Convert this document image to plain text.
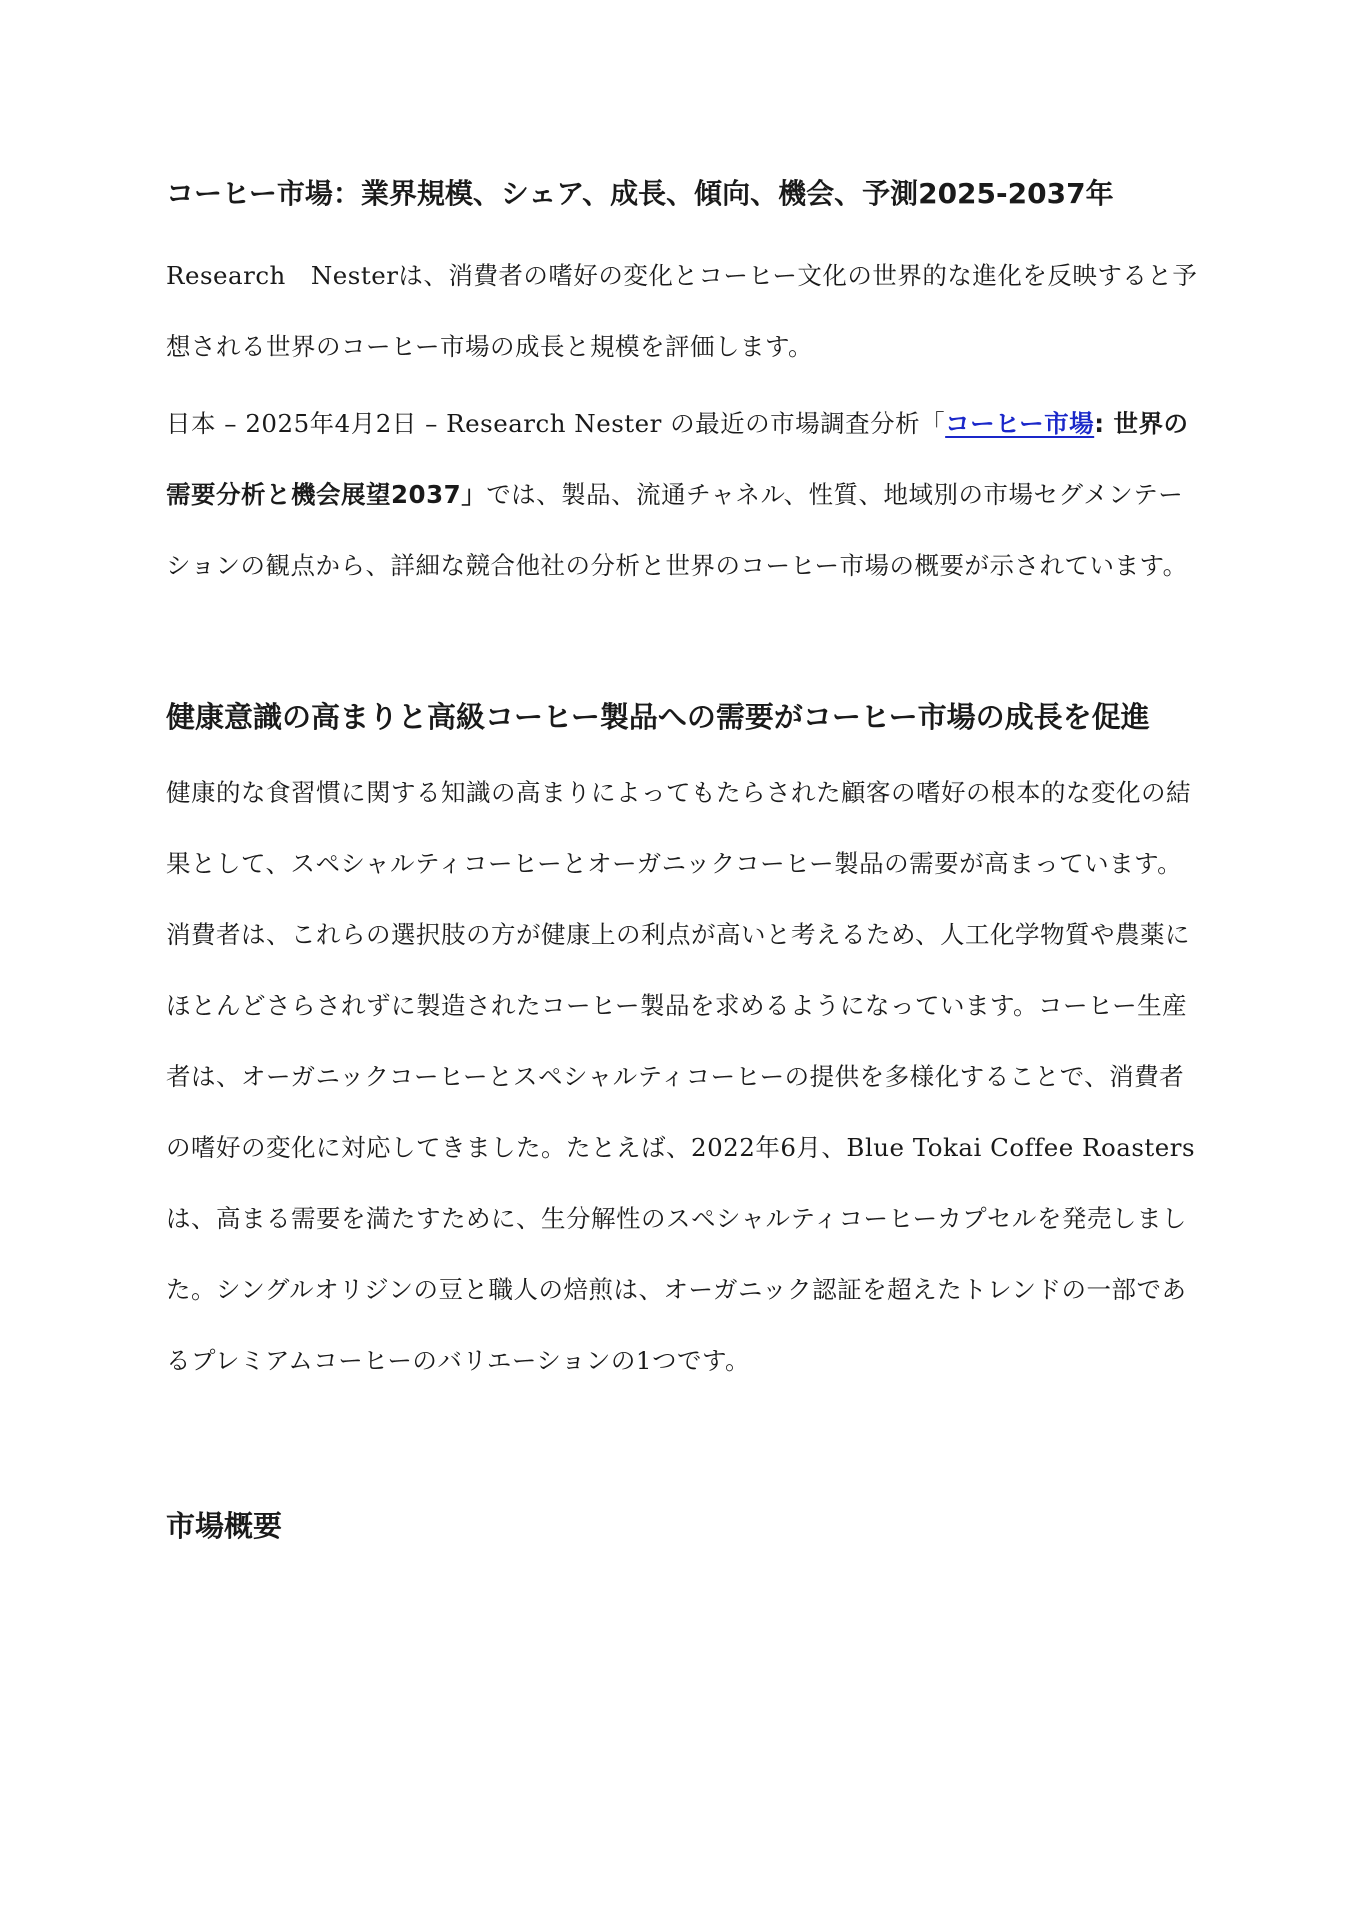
コーヒー市場：業界規模、シェア、成長、傾向、機会、予測2025-2037年

Research　Nesterは、消費者の嗜好の変化とコーヒー文化の世界的な進化を反映すると予想される世界のコーヒー市場の成長と規模を評価します。

日本 – 2025年4月2日 – Research Nester の最近の市場調査分析「コーヒー市場: 世界の需要分析と機会展望2037」では、製品、流通チャネル、性質、地域別の市場セグメンテーションの観点から、詳細な競合他社の分析と世界のコーヒー市場の概要が示されています。

健康意識の高まりと高級コーヒー製品への需要がコーヒー市場の成長を促進

健康的な食習慣に関する知識の高まりによってもたらされた顧客の嗜好の根本的な変化の結果として、スペシャルティコーヒーとオーガニックコーヒー製品の需要が高まっています。消費者は、これらの選択肢の方が健康上の利点が高いと考えるため、人工化学物質や農薬にほとんどさらされずに製造されたコーヒー製品を求めるようになっています。コーヒー生産者は、オーガニックコーヒーとスペシャルティコーヒーの提供を多様化することで、消費者の嗜好の変化に対応してきました。たとえば、2022年6月、Blue Tokai Coffee Roastersは、高まる需要を満たすために、生分解性のスペシャルティコーヒーカプセルを発売しました。シングルオリジンの豆と職人の焙煎は、オーガニック認証を超えたトレンドの一部であるプレミアムコーヒーのバリエーションの1つです。

市場概要
